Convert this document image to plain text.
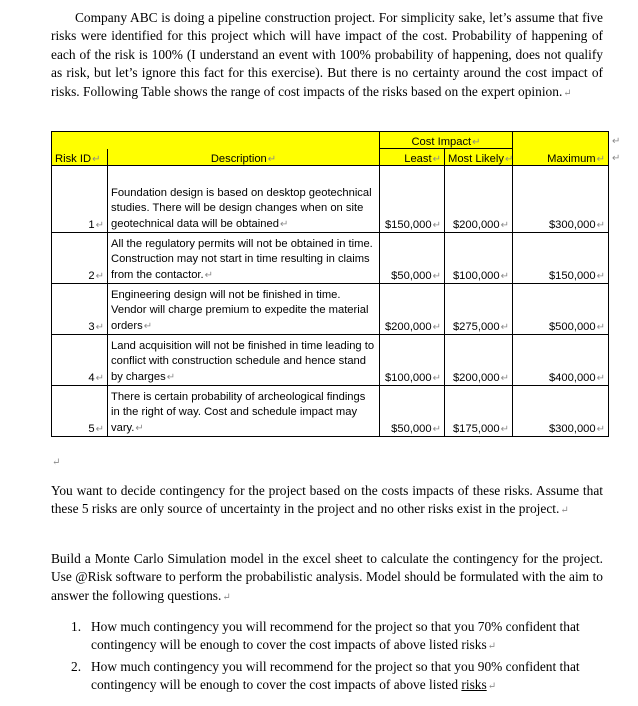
Company ABC is doing a pipeline construction project. For simplicity sake, let’s assume that five risks were identified for this project which will have impact of the cost. Probability of happening of each of the risk is 100% (I understand an event with 100% probability of happening, does not qualify as risk, but let’s ignore this fact for this exercise). But there is no certainty around the cost impact of risks. Following Table shows the range of cost impacts of the risks based on the expert opinion.↵

		Cost Impact↵		
Risk ID↵	Description↵	Least↵	Most Likely↵	Maximum↵
1↵	Foundation design is based on desktop geotechnical studies. There will be design changes when on site geotechnical data will be obtained↵	$150,000↵	$200,000↵	$300,000↵
2↵	All the regulatory permits will not be obtained in time. Construction may not start in time resulting in claims from the contactor.↵	$50,000↵	$100,000↵	$150,000↵
3↵	Engineering design will not be finished in time. Vendor will charge premium to expedite the material orders↵	$200,000↵	$275,000↵	$500,000↵
4↵	Land acquisition will not be finished in time leading to conflict with construction schedule and hence stand by charges↵	$100,000↵	$200,000↵	$400,000↵
5↵	There is certain probability of archeological findings in the right of way. Cost and schedule impact may vary.↵	$50,000↵	$175,000↵	$300,000↵
↵
↵
↵

You want to decide contingency for the project based on the costs impacts of these risks. Assume that these 5 risks are only source of uncertainty in the project and no other risks exist in the project.↵

Build a Monte Carlo Simulation model in the excel sheet to calculate the contingency for the project. Use @Risk software to perform the probabilistic analysis. Model should be formulated with the aim to answer the following questions.↵

1. How much contingency you will recommend for the project so that you 70% confident that contingency will be enough to cover the cost impacts of above listed risks↵
2. How much contingency you will recommend for the project so that you 90% confident that contingency will be enough to cover the cost impacts of above listed risks↵
